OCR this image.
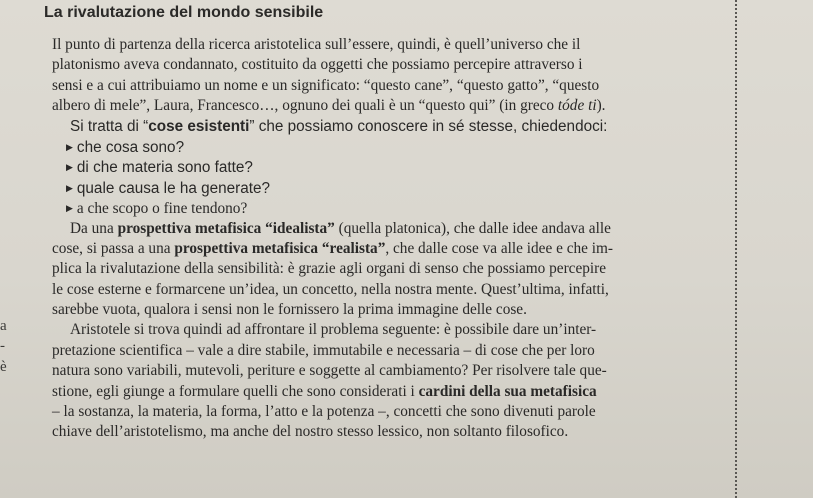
a
-
è
La rivalutazione del mondo sensibile
Il punto di partenza della ricerca aristotelica sull’essere, quindi, è quell’universo che il
platonismo aveva condannato, costituito da oggetti che possiamo percepire attraverso i
sensi e a cui attribuiamo un nome e un significato: “questo cane”, “questo gatto”, “questo
albero di mele”, Laura, Francesco…, ognuno dei quali è un “questo qui” (in greco tóde ti).
Si tratta di “cose esistenti” che possiamo conoscere in sé stesse, chiedendoci:
▶ che cosa sono?
▶ di che materia sono fatte?
▶ quale causa le ha generate?
▶ a che scopo o fine tendono?
Da una prospettiva metafisica “idealista” (quella platonica), che dalle idee andava alle
cose, si passa a una prospettiva metafisica “realista”, che dalle cose va alle idee e che im-
plica la rivalutazione della sensibilità: è grazie agli organi di senso che possiamo percepire
le cose esterne e formarcene un’idea, un concetto, nella nostra mente. Quest’ultima, infatti,
sarebbe vuota, qualora i sensi non le fornissero la prima immagine delle cose.
Aristotele si trova quindi ad affrontare il problema seguente: è possibile dare un’inter-
pretazione scientifica – vale a dire stabile, immutabile e necessaria – di cose che per loro
natura sono variabili, mutevoli, periture e soggette al cambiamento? Per risolvere tale que-
stione, egli giunge a formulare quelli che sono considerati i cardini della sua metafisica
– la sostanza, la materia, la forma, l’atto e la potenza –, concetti che sono divenuti parole
chiave dell’aristotelismo, ma anche del nostro stesso lessico, non soltanto filosofico.
